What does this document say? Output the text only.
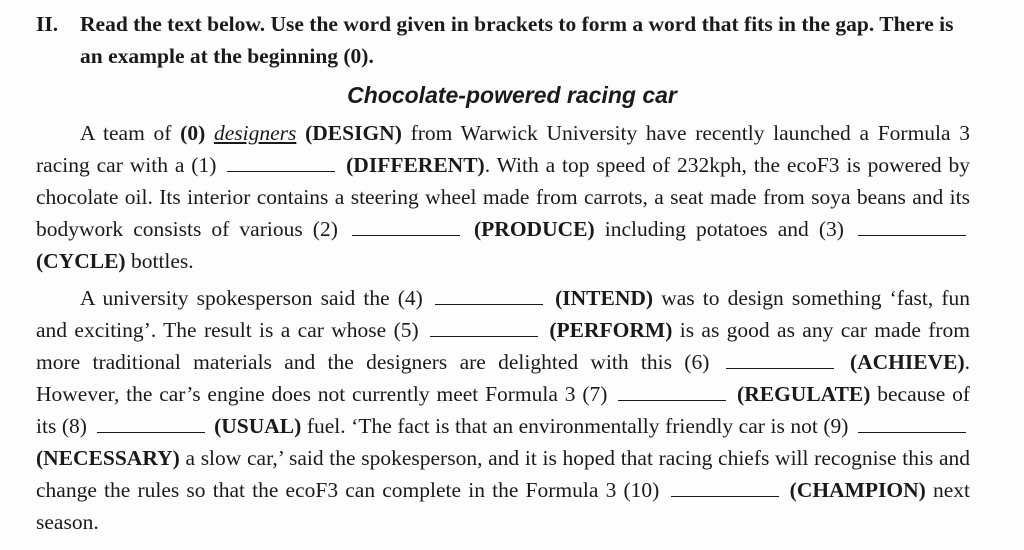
II. Read the text below. Use the word given in brackets to form a word that fits in the gap. There is an example at the beginning (0).
Chocolate-powered racing car
A team of (0) designers (DESIGN) from Warwick University have recently launched a Formula 3 racing car with a (1)	(DIFFERENT). With a top speed of 232kph, the ecoF3 is powered by chocolate oil. Its interior contains a steering wheel made from carrots, a seat made from soya beans and its bodywork consists of various (2)	(PRODUCE) including potatoes and (3)  (CYCLE) bottles.
A university spokesperson said the (4)	(INTEND) was to design something ‘fast, fun and exciting’. The result is a car whose (5)	(PERFORM) is as good as any car made from more traditional materials and the designers are delighted with this (6)	(ACHIEVE). However, the car’s engine does not currently meet Formula 3 (7)	(REGULATE) because of its (8)	(USUAL) fuel. ‘The fact is that an environmentally friendly car is not (9)  (NECESSARY) a slow car,’ said the spokesperson, and it is hoped that racing chiefs will recognise this and change the rules so that the ecoF3 can complete in the Formula 3 (10)	(CHAMPION) next season.
